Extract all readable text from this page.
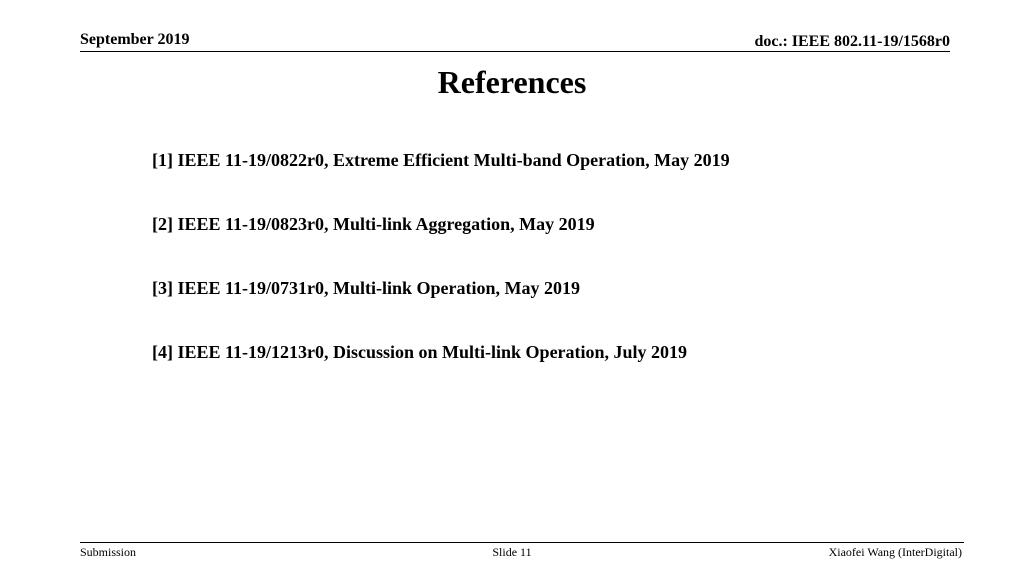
September 2019	doc.: IEEE 802.11-19/1568r0
References
[1] IEEE 11-19/0822r0, Extreme Efficient Multi-band Operation, May 2019
[2] IEEE 11-19/0823r0, Multi-link Aggregation, May 2019
[3] IEEE 11-19/0731r0, Multi-link Operation, May 2019
[4] IEEE 11-19/1213r0, Discussion on Multi-link Operation, July 2019
Submission	Slide 11	Xiaofei Wang (InterDigital)
